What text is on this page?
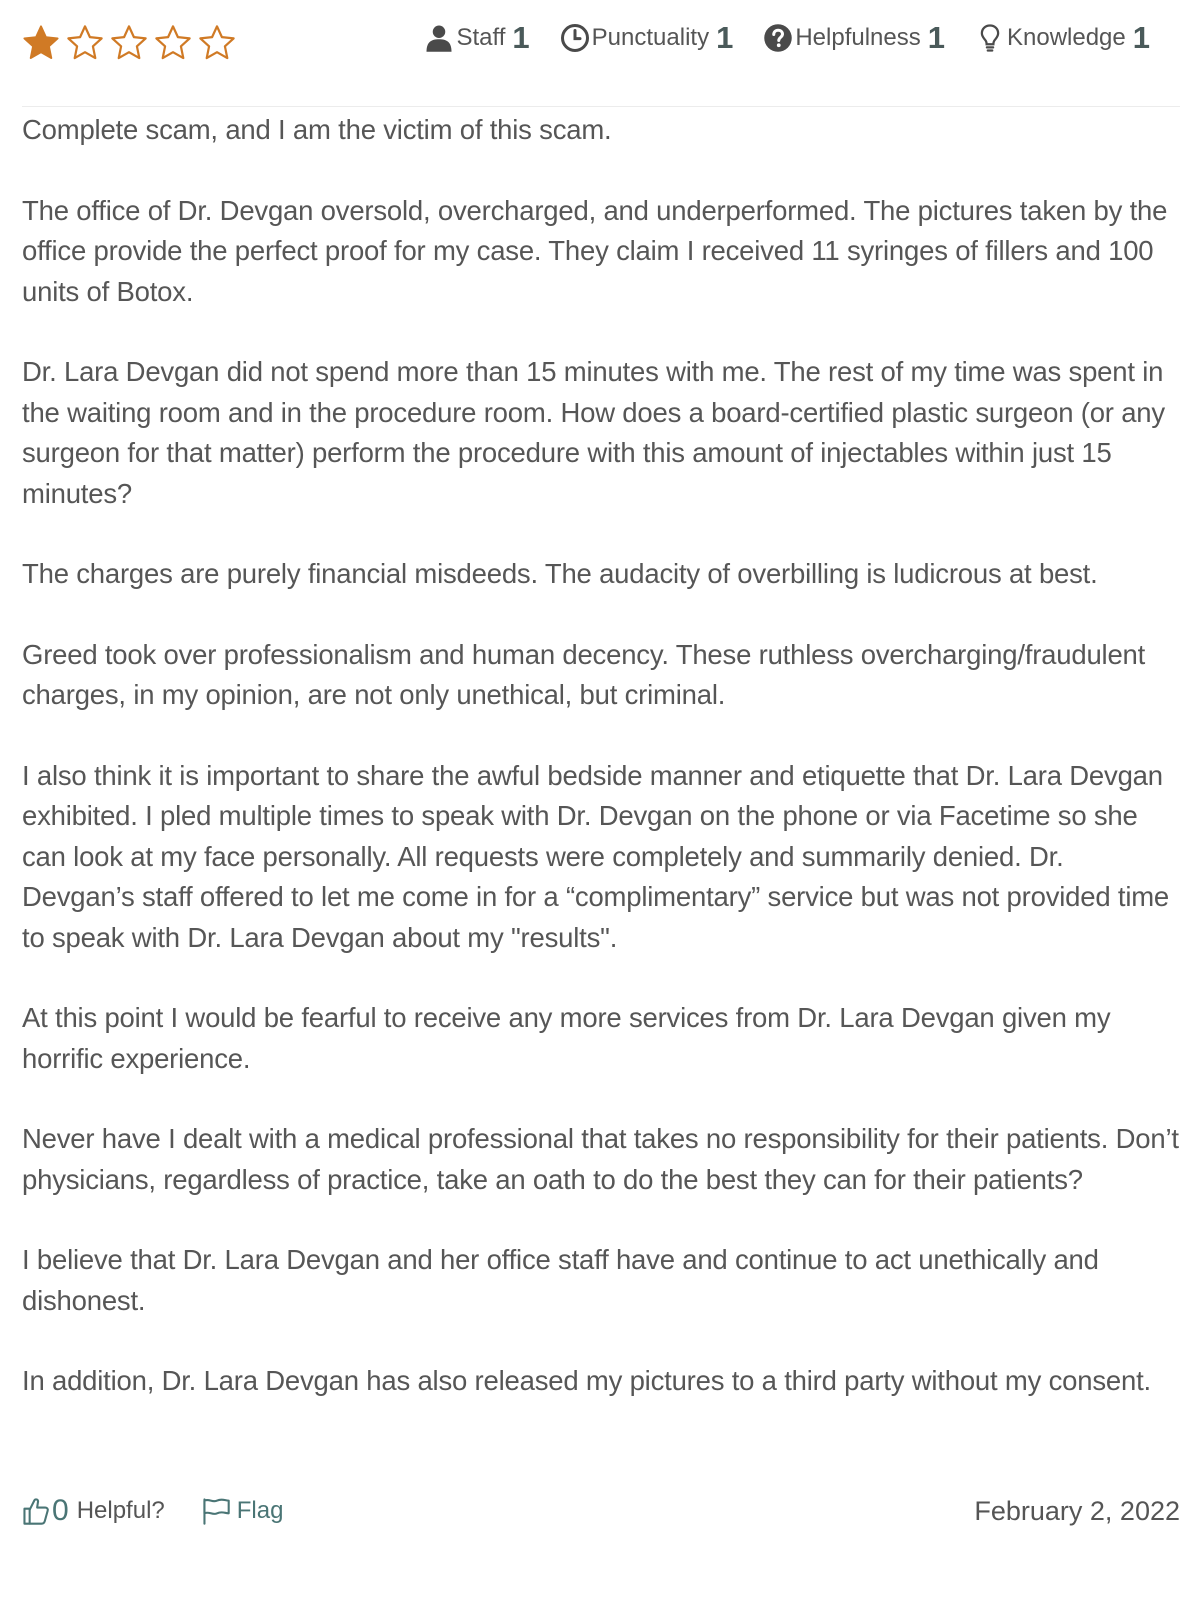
Staff 1	Punctuality 1	Helpfulness 1	Knowledge 1

Complete scam, and I am the victim of this scam.

The office of Dr. Devgan oversold, overcharged, and underperformed. The pictures taken by the office provide the perfect proof for my case. They claim I received 11 syringes of fillers and 100 units of Botox.

Dr. Lara Devgan did not spend more than 15 minutes with me. The rest of my time was spent in the waiting room and in the procedure room. How does a board-certified plastic surgeon (or any surgeon for that matter) perform the procedure with this amount of injectables within just 15 minutes?

The charges are purely financial misdeeds. The audacity of overbilling is ludicrous at best.

Greed took over professionalism and human decency. These ruthless overcharging/fraudulent charges, in my opinion, are not only unethical, but criminal.

I also think it is important to share the awful bedside manner and etiquette that Dr. Lara Devgan exhibited. I pled multiple times to speak with Dr. Devgan on the phone or via Facetime so she can look at my face personally. All requests were completely and summarily denied. Dr. Devgan’s staff offered to let me come in for a “complimentary” service but was not provided time to speak with Dr. Lara Devgan about my "results".

At this point I would be fearful to receive any more services from Dr. Lara Devgan given my horrific experience.

Never have I dealt with a medical professional that takes no responsibility for their patients. Don’t physicians, regardless of practice, take an oath to do the best they can for their patients?

I believe that Dr. Lara Devgan and her office staff have and continue to act unethically and dishonest.

In addition, Dr. Lara Devgan has also released my pictures to a third party without my consent.

0 Helpful?	Flag	February 2, 2022
